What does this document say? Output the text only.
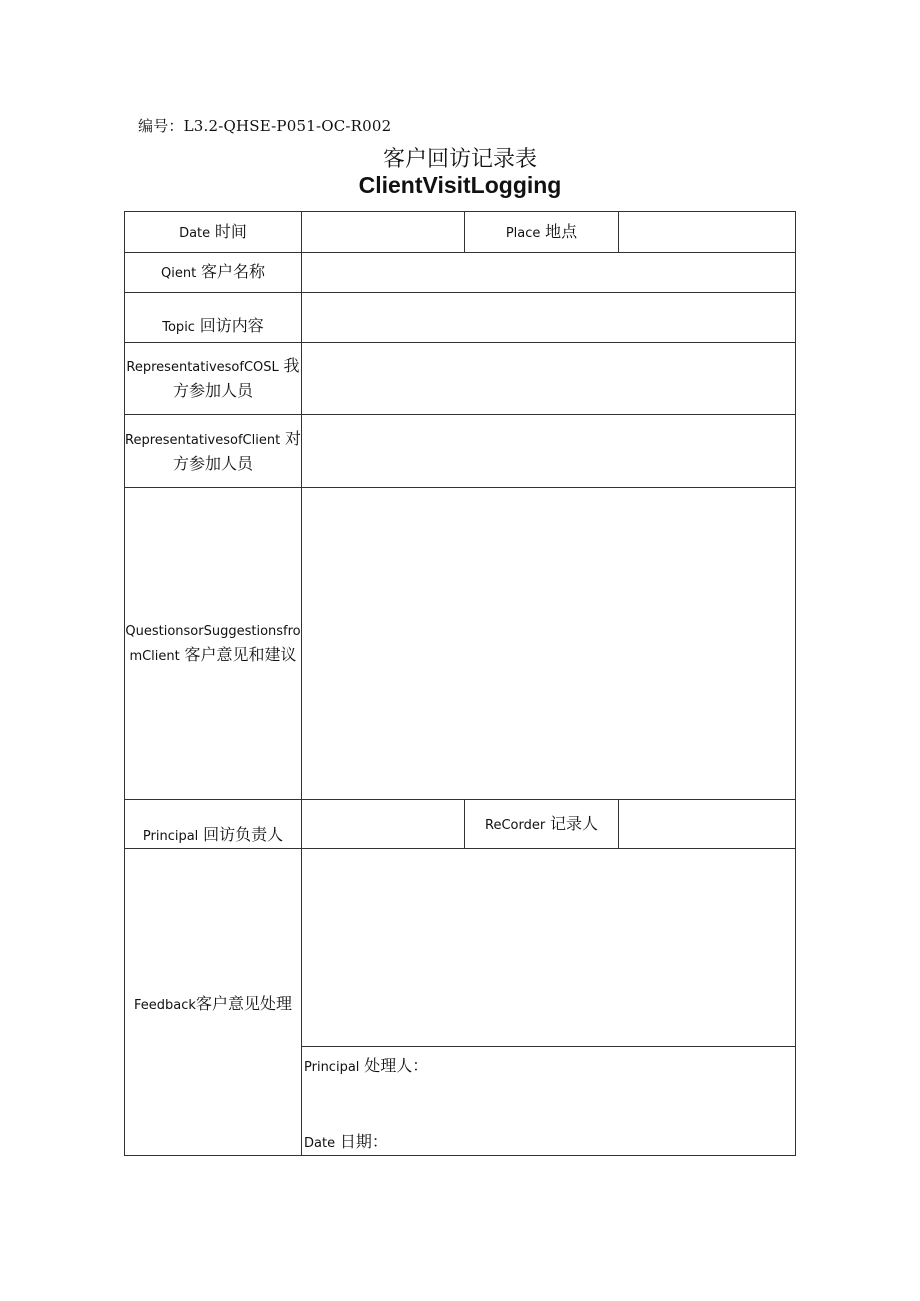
编号：L3.2-QHSE-P051-OC-R002
客户回访记录表
ClientVisitLogging
Date 时间		Place 地点	
Qient 客户名称			
Topic 回访内容			
RepresentativesofCOSL 我方参加人员			
RepresentativesofClient 对方参加人员			
QuestionsorSuggestionsfromClient 客户意见和建议			
Principal 回访负责人		ReCorder 记录人	
Feedback客户意见处理			

	Principal 处理人：
Date 日期：		
